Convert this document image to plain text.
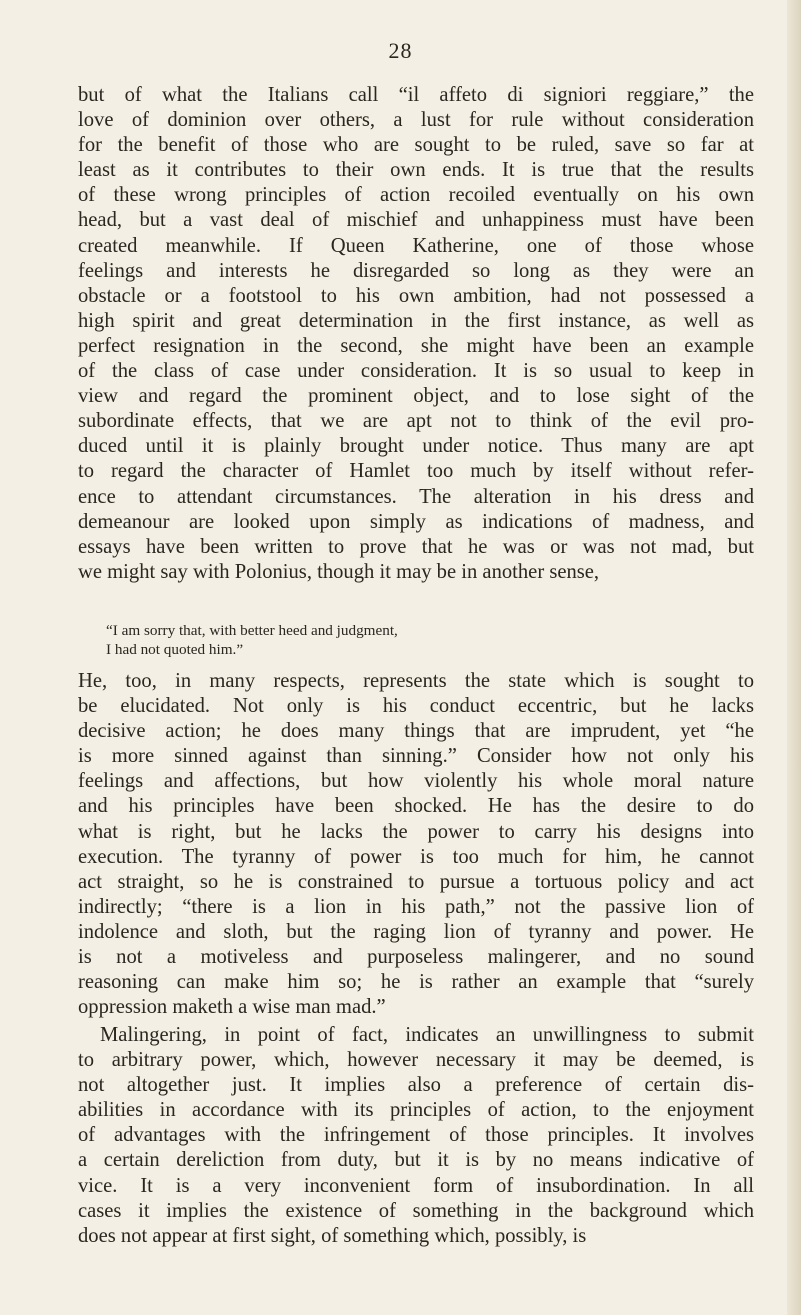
28

but of what the Italians call “il affeto di signiori reggiare,” the
love of dominion over others, a lust for rule without consideration
for the benefit of those who are sought to be ruled, save so far at
least as it contributes to their own ends. It is true that the results
of these wrong principles of action recoiled eventually on his own
head, but a vast deal of mischief and unhappiness must have been
created meanwhile. If Queen Katherine, one of those whose
feelings and interests he disregarded so long as they were an
obstacle or a footstool to his own ambition, had not possessed a
high spirit and great determination in the first instance, as well as
perfect resignation in the second, she might have been an example
of the class of case under consideration. It is so usual to keep in
view and regard the prominent object, and to lose sight of the
subordinate effects, that we are apt not to think of the evil pro-
duced until it is plainly brought under notice. Thus many are apt
to regard the character of Hamlet too much by itself without refer-
ence to attendant circumstances. The alteration in his dress and
demeanour are looked upon simply as indications of madness, and
essays have been written to prove that he was or was not mad, but
we might say with Polonius, though it may be in another sense,

“I am sorry that, with better heed and judgment,
I had not quoted him.”

He, too, in many respects, represents the state which is sought to
be elucidated. Not only is his conduct eccentric, but he lacks
decisive action; he does many things that are imprudent, yet “he
is more sinned against than sinning.” Consider how not only his
feelings and affections, but how violently his whole moral nature
and his principles have been shocked. He has the desire to do
what is right, but he lacks the power to carry his designs into
execution. The tyranny of power is too much for him, he cannot
act straight, so he is constrained to pursue a tortuous policy and act
indirectly; “there is a lion in his path,” not the passive lion of
indolence and sloth, but the raging lion of tyranny and power. He
is not a motiveless and purposeless malingerer, and no sound
reasoning can make him so; he is rather an example that “surely
oppression maketh a wise man mad.”

Malingering, in point of fact, indicates an unwillingness to submit
to arbitrary power, which, however necessary it may be deemed, is
not altogether just. It implies also a preference of certain dis-
abilities in accordance with its principles of action, to the enjoyment
of advantages with the infringement of those principles. It involves
a certain dereliction from duty, but it is by no means indicative of
vice. It is a very inconvenient form of insubordination. In all
cases it implies the existence of something in the background which
does not appear at first sight, of something which, possibly, is
